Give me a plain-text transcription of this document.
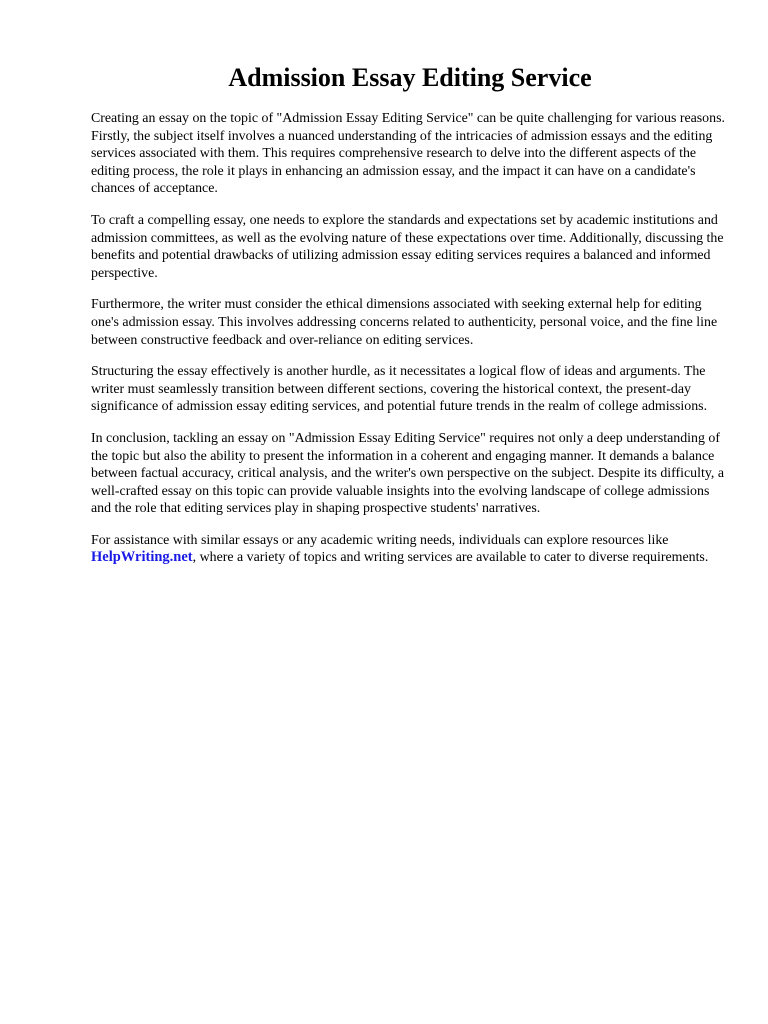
Admission Essay Editing Service

Creating an essay on the topic of "Admission Essay Editing Service" can be quite challenging for various reasons. Firstly, the subject itself involves a nuanced understanding of the intricacies of admission essays and the editing services associated with them. This requires comprehensive research to delve into the different aspects of the editing process, the role it plays in enhancing an admission essay, and the impact it can have on a candidate's chances of acceptance.

To craft a compelling essay, one needs to explore the standards and expectations set by academic institutions and admission committees, as well as the evolving nature of these expectations over time. Additionally, discussing the benefits and potential drawbacks of utilizing admission essay editing services requires a balanced and informed perspective.

Furthermore, the writer must consider the ethical dimensions associated with seeking external help for editing one's admission essay. This involves addressing concerns related to authenticity, personal voice, and the fine line between constructive feedback and over-reliance on editing services.

Structuring the essay effectively is another hurdle, as it necessitates a logical flow of ideas and arguments. The writer must seamlessly transition between different sections, covering the historical context, the present-day significance of admission essay editing services, and potential future trends in the realm of college admissions.

In conclusion, tackling an essay on "Admission Essay Editing Service" requires not only a deep understanding of the topic but also the ability to present the information in a coherent and engaging manner. It demands a balance between factual accuracy, critical analysis, and the writer's own perspective on the subject. Despite its difficulty, a well-crafted essay on this topic can provide valuable insights into the evolving landscape of college admissions and the role that editing services play in shaping prospective students' narratives.

For assistance with similar essays or any academic writing needs, individuals can explore resources like HelpWriting.net, where a variety of topics and writing services are available to cater to diverse requirements.
